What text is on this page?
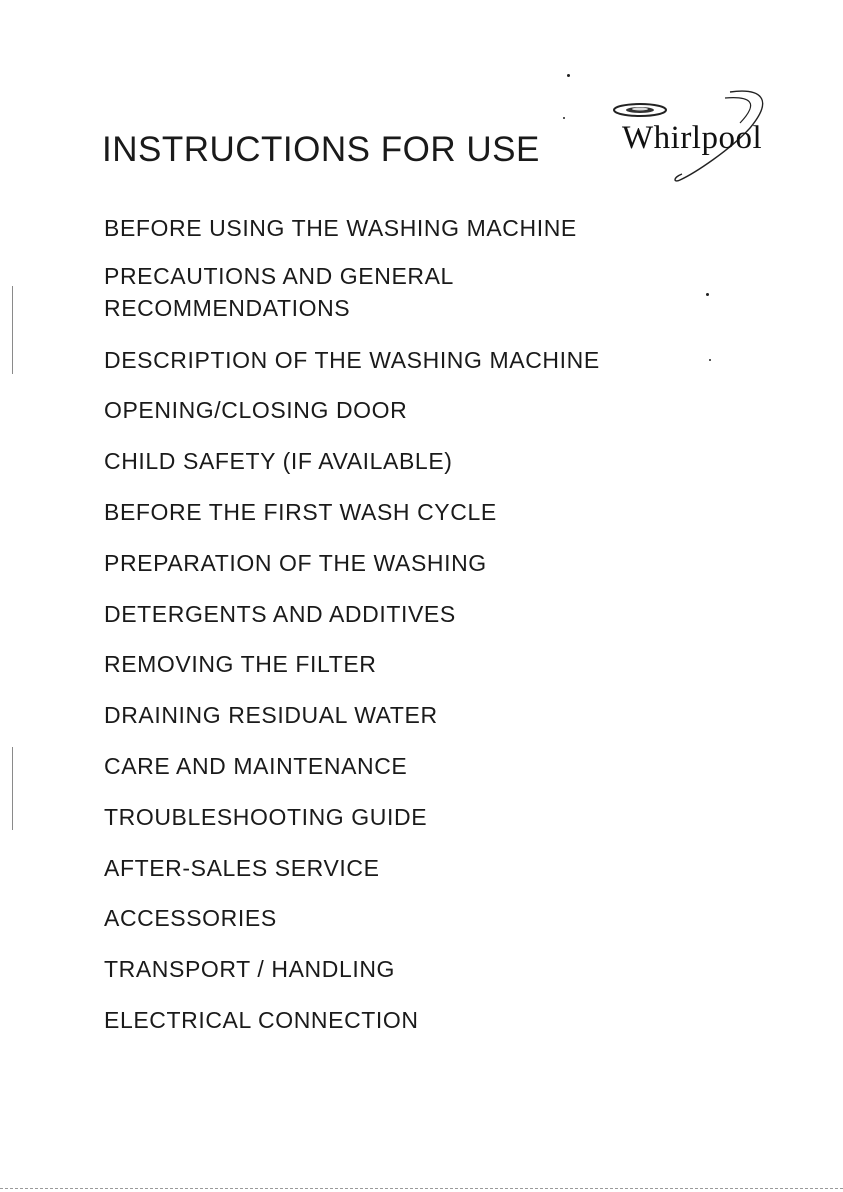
INSTRUCTIONS FOR USE Whirlpool
BEFORE USING THE WASHING MACHINE
PRECAUTIONS AND GENERAL
RECOMMENDATIONS
DESCRIPTION OF THE WASHING MACHINE
OPENING/CLOSING DOOR
CHILD SAFETY (IF AVAILABLE)
BEFORE THE FIRST WASH CYCLE
PREPARATION OF THE WASHING
DETERGENTS AND ADDITIVES
REMOVING THE FILTER
DRAINING RESIDUAL WATER
CARE AND MAINTENANCE
TROUBLESHOOTING GUIDE
AFTER-SALES SERVICE
ACCESSORIES
TRANSPORT / HANDLING
ELECTRICAL CONNECTION
